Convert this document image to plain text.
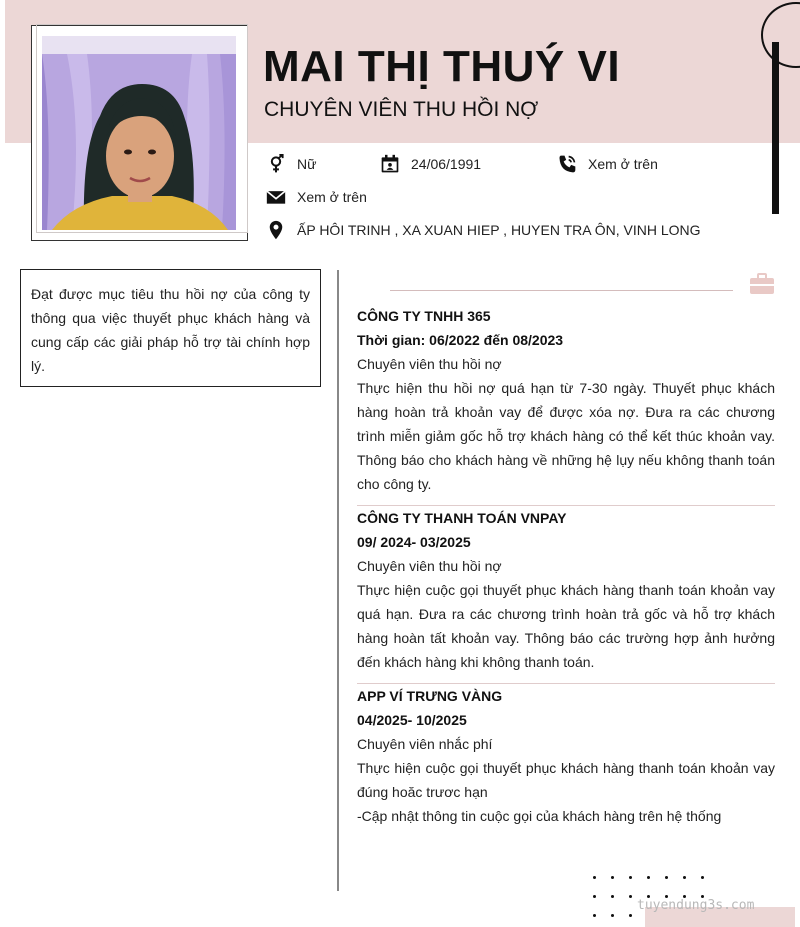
MAI THỊ THUÝ VI
CHUYÊN VIÊN THU HỒI NỢ
Nữ	24/06/1991	Xem ở trên
Xem ở trên
ẤP HÔI TRINH , XA XUAN HIEP , HUYEN TRA ÔN, VINH LONG
Đạt được mục tiêu thu hồi nợ của công ty thông qua việc thuyết phục khách hàng và cung cấp các giải pháp hỗ trợ tài chính hợp lý.
CÔNG TY TNHH 365
Thời gian: 06/2022 đến 08/2023
Chuyên viên thu hồi nợ
Thực hiện thu hồi nợ quá hạn từ 7-30 ngày. Thuyết phục khách hàng hoàn trả khoản vay để được xóa nợ. Đưa ra các chương trình miễn giảm gốc hỗ trợ khách hàng có thể kết thúc khoản vay. Thông báo cho khách hàng về những hệ lụy nếu không thanh toán cho công ty.
CÔNG TY THANH TOÁN VNPAY
09/ 2024- 03/2025
Chuyên viên thu hồi nợ
Thực hiện cuộc gọi thuyết phục khách hàng thanh toán khoản vay quá hạn. Đưa ra các chương trình hoàn trả gốc và hỗ trợ khách hàng hoàn tất khoản vay. Thông báo các trường hợp ảnh hưởng đến khách hàng khi không thanh toán.
APP VÍ TRƯNG VÀNG
04/2025- 10/2025
Chuyên viên nhắc phí
Thực hiện cuộc gọi thuyết phục khách hàng thanh toán khoản vay đúng hoăc trươc hạn
-Cập nhật thông tin cuộc gọi của khách hàng trên hệ thống
tuyendung3s.com
